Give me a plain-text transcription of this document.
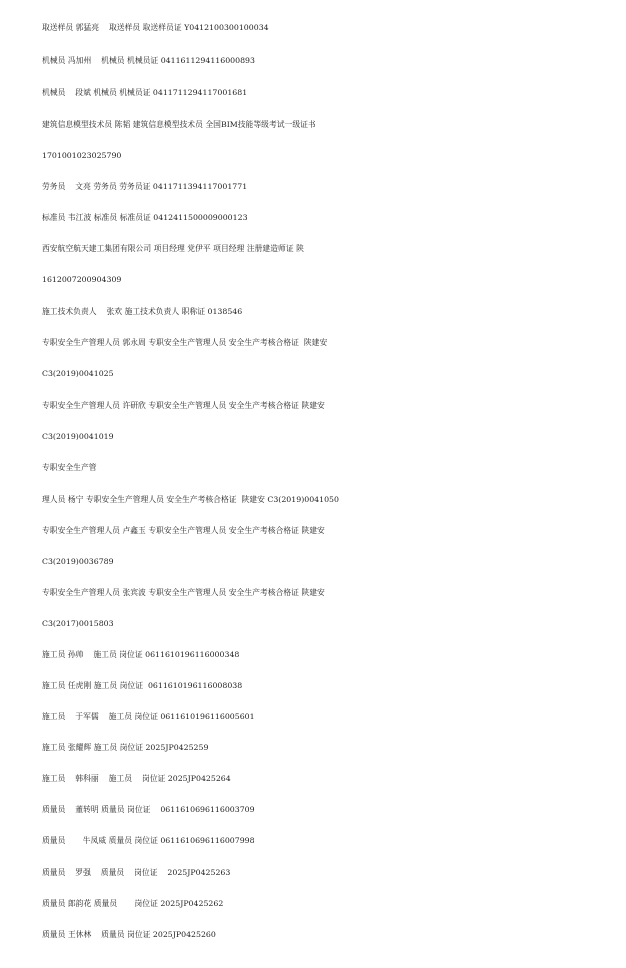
取送样员 郭猛亮    取送样员 取送样员证 Y0412100300100034
机械员 冯加州    机械员 机械员证 0411611294116000893
机械员    段斌 机械员 机械员证 0411711294117001681
建筑信息模型技术员 陈韬 建筑信息模型技术员 全国BIM技能等级考试一级证书
1701001023025790
劳务员    文亮 劳务员 劳务员证 0411711394117001771
标准员 韦江波 标准员 标准员证 0412411500009000123
西安航空航天建工集团有限公司 项目经理 党伊平 项目经理 注册建造师证 陕
1612007200904309
施工技术负责人    张欢 施工技术负责人 职称证 0138546
专职安全生产管理人员 郭永周 专职安全生产管理人员 安全生产考核合格证  陕建安
C3(2019)0041025
专职安全生产管理人员 许研欣 专职安全生产管理人员 安全生产考核合格证 陕建安
C3(2019)0041019
专职安全生产管
理人员 杨宁 专职安全生产管理人员 安全生产考核合格证  陕建安 C3(2019)0041050
专职安全生产管理人员 卢鑫玉 专职安全生产管理人员 安全生产考核合格证 陕建安
C3(2019)0036789
专职安全生产管理人员 张宾波 专职安全生产管理人员 安全生产考核合格证 陕建安
C3(2017)0015803
施工员 孙帅    施工员 岗位证 0611610196116000348
施工员 任虎刚 施工员 岗位证  0611610196116008038
施工员    于军儒    施工员 岗位证 0611610196116005601
施工员 张耀辉 施工员 岗位证 2025JP0425259
施工员    韩科丽    施工员    岗位证 2025JP0425264
质量员    董转明 质量员 岗位证    0611610696116003709
质量员       牛凤威 质量员 岗位证 0611610696116007998
质量员    罗强    质量员    岗位证    2025JP0425263
质量员 郎韵花 质量员       岗位证 2025JP0425262
质量员 王休林    质量员 岗位证 2025JP0425260
